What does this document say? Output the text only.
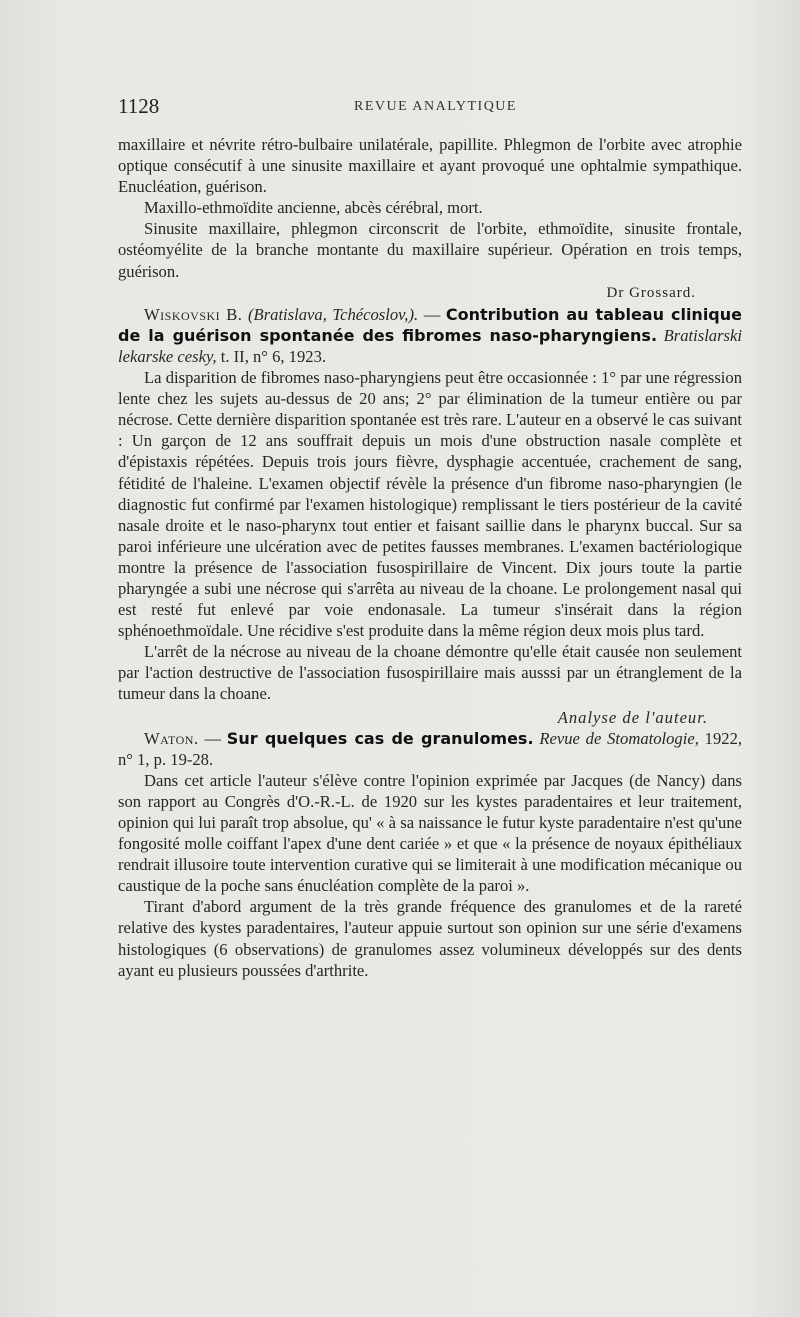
1128	REVUE ANALYTIQUE

maxillaire et névrite rétro-bulbaire unilatérale, papillite. Phlegmon de l'orbite avec atrophie optique consécutif à une sinusite maxillaire et ayant provoqué une ophtalmie sympathique. Enucléation, guérison.

Maxillo-ethmoïdite ancienne, abcès cérébral, mort.

Sinusite maxillaire, phlegmon circonscrit de l'orbite, ethmoïdite, sinusite frontale, ostéomyélite de la branche montante du maxillaire supérieur. Opération en trois temps, guérison.

Dr Grossard.

Wiskovski B. (Bratislava, Tchécoslov,). — Contribution au tableau clinique de la guérison spontanée des fibromes naso-pharyngiens. Bratislarski lekarske cesky, t. II, n° 6, 1923.

La disparition de fibromes naso-pharyngiens peut être occasionnée : 1° par une régression lente chez les sujets au-dessus de 20 ans; 2° par élimination de la tumeur entière ou par nécrose. Cette dernière disparition spontanée est très rare. L'auteur en a observé le cas suivant : Un garçon de 12 ans souffrait depuis un mois d'une obstruction nasale complète et d'épistaxis répétées. Depuis trois jours fièvre, dysphagie accentuée, crachement de sang, fétidité de l'haleine. L'examen objectif révèle la présence d'un fibrome naso-pharyngien (le diagnostic fut confirmé par l'examen histologique) remplissant le tiers postérieur de la cavité nasale droite et le naso-pharynx tout entier et faisant saillie dans le pharynx buccal. Sur sa paroi inférieure une ulcération avec de petites fausses membranes. L'examen bactériologique montre la présence de l'association fusospirillaire de Vincent. Dix jours toute la partie pharyngée a subi une nécrose qui s'arrêta au niveau de la choane. Le prolongement nasal qui est resté fut enlevé par voie endonasale. La tumeur s'insérait dans la région sphénoethmoïdale. Une récidive s'est produite dans la même région deux mois plus tard.

L'arrêt de la nécrose au niveau de la choane démontre qu'elle était causée non seulement par l'action destructive de l'association fusospirillaire mais ausssi par un étranglement de la tumeur dans la choane.

Analyse de l'auteur.

Waton. — Sur quelques cas de granulomes. Revue de Stomatologie, 1922, n° 1, p. 19-28.

Dans cet article l'auteur s'élève contre l'opinion exprimée par Jacques (de Nancy) dans son rapport au Congrès d'O.-R.-L. de 1920 sur les kystes paradentaires et leur traitement, opinion qui lui paraît trop absolue, qu' « à sa naissance le futur kyste paradentaire n'est qu'une fongosité molle coiffant l'apex d'une dent cariée » et que « la présence de noyaux épithéliaux rendrait illusoire toute intervention curative qui se limiterait à une modification mécanique ou caustique de la poche sans énucléation complète de la paroi ».

Tirant d'abord argument de la très grande fréquence des granulomes et de la rareté relative des kystes paradentaires, l'auteur appuie surtout son opinion sur une série d'examens histologiques (6 observations) de granulomes assez volumineux développés sur des dents ayant eu plusieurs poussées d'arthrite.
